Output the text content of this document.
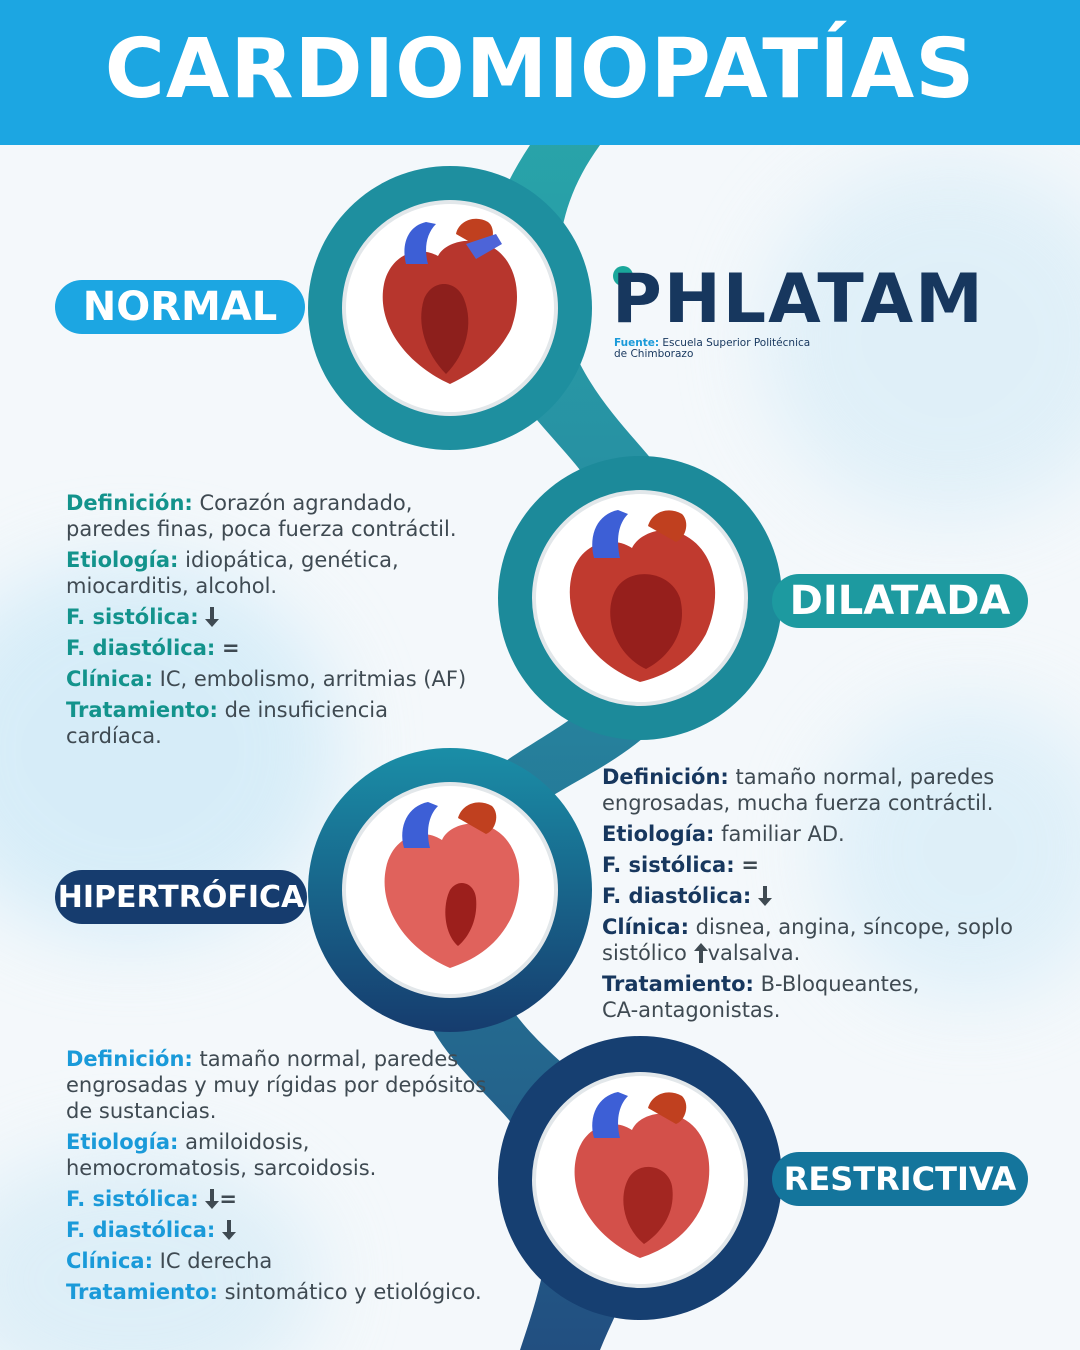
CARDIOMIOPATÍAS
NORMAL
DILATADA
HIPERTRÓFICA
RESTRICTIVA
PHLATAM
Fuente: Escuela Superior Politécnica
de Chimborazo

Definición: Corazón agrandado,
paredes finas, poca fuerza contráctil.

Etiología: idiopática, genética,
miocarditis, alcohol.

F. sistólica:

F. diastólica: =

Clínica: IC, embolismo, arritmias (AF)

Tratamiento: de insuficiencia
cardíaca.

Definición: tamaño normal, paredes
engrosadas, mucha fuerza contráctil.

Etiología: familiar AD.

F. sistólica: =

F. diastólica:

Clínica: disnea, angina, síncope, soplo
sistólico valsalva.

Tratamiento: B-Bloqueantes,
CA-antagonistas.

Definición: tamaño normal, paredes
engrosadas y muy rígidas por depósitos
de sustancias.

Etiología: amiloidosis,
hemocromatosis, sarcoidosis.

F. sistólica: =

F. diastólica:

Clínica: IC derecha

Tratamiento: sintomático y etiológico.
